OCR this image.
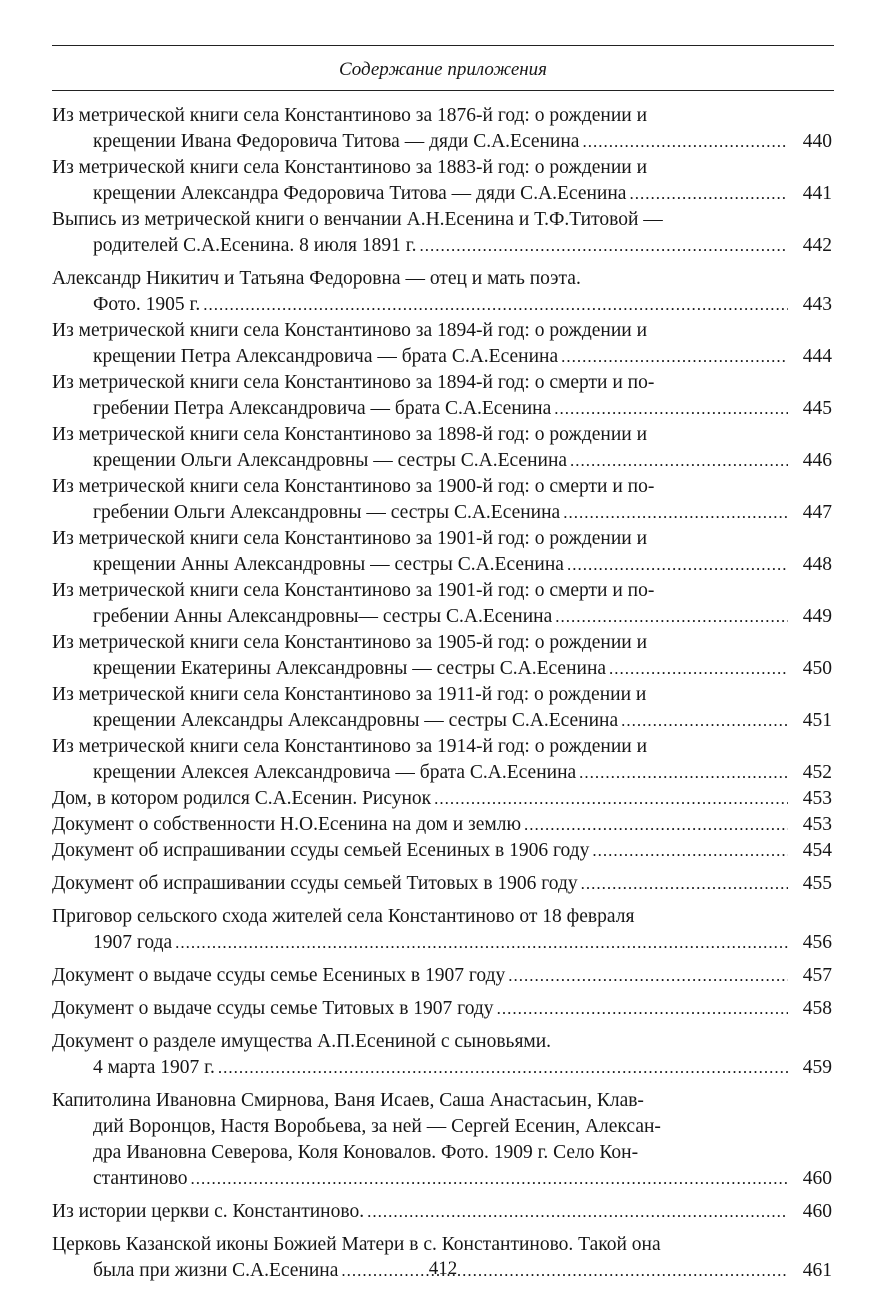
Содержание приложения
Из метрической книги села Константиново за 1876-й год: о рождении и
крещении Ивана Федоровича Титова — дяди С.А.Есенина .....	440
Из метрической книги села Константиново за 1883-й год: о рождении и
крещении Александра Федоровича Титова — дяди С.А.Есенина .....	441
Выпись из метрической книги о венчании А.Н.Есенина и Т.Ф.Титовой —
родителей С.А.Есенина. 8 июля 1891 г. .....	442
Александр Никитич и Татьяна Федоровна — отец и мать поэта.
Фото. 1905 г. .....	443
Из метрической книги села Константиново за 1894-й год: о рождении и
крещении Петра Александровича — брата С.А.Есенина .....	444
Из метрической книги села Константиново за 1894-й год: о смерти и по-
гребении Петра Александровича — брата С.А.Есенина .....	445
Из метрической книги села Константиново за 1898-й год: о рождении и
крещении Ольги Александровны — сестры С.А.Есенина .....	446
Из метрической книги села Константиново за 1900-й год: о смерти и по-
гребении Ольги Александровны — сестры С.А.Есенина .....	447
Из метрической книги села Константиново за 1901-й год: о рождении и
крещении Анны Александровны — сестры С.А.Есенина .....	448
Из метрической книги села Константиново за 1901-й год: о смерти и по-
гребении Анны Александровны— сестры С.А.Есенина .....	449
Из метрической книги села Константиново за 1905-й год: о рождении и
крещении Екатерины Александровны — сестры С.А.Есенина .....	450
Из метрической книги села Константиново за 1911-й год: о рождении и
крещении Александры Александровны — сестры С.А.Есенина .....	451
Из метрической книги села Константиново за 1914-й год: о рождении и
крещении Алексея Александровича — брата С.А.Есенина .....	452
Дом, в котором родился С.А.Есенин. Рисунок .....	453
Документ о собственности Н.О.Есенина на дом и землю .....	453
Документ об испрашивании ссуды семьей Есениных в 1906 году .....	454
Документ об испрашивании ссуды семьей Титовых в 1906 году .....	455
Приговор сельского схода жителей села Константиново от 18 февраля
1907 года .....	456
Документ о выдаче ссуды семье Есениных в 1907 году .....	457
Документ о выдаче ссуды семье Титовых в 1907 году .....	458
Документ о разделе имущества А.П.Есениной с сыновьями.
4 марта 1907 г. .....	459
Капитолина Ивановна Смирнова, Ваня Исаев, Саша Анастасьин, Клав-
дий Воронцов, Настя Воробьева, за ней — Сергей Есенин, Алексан-
дра Ивановна Северова, Коля Коновалов. Фото. 1909 г. Село Кон-
стантиново .....	460
Из истории церкви с. Константиново. .....	460
Церковь Казанской иконы Божией Матери в с. Константиново. Такой она
была при жизни С.А.Есенина .....	461
412
